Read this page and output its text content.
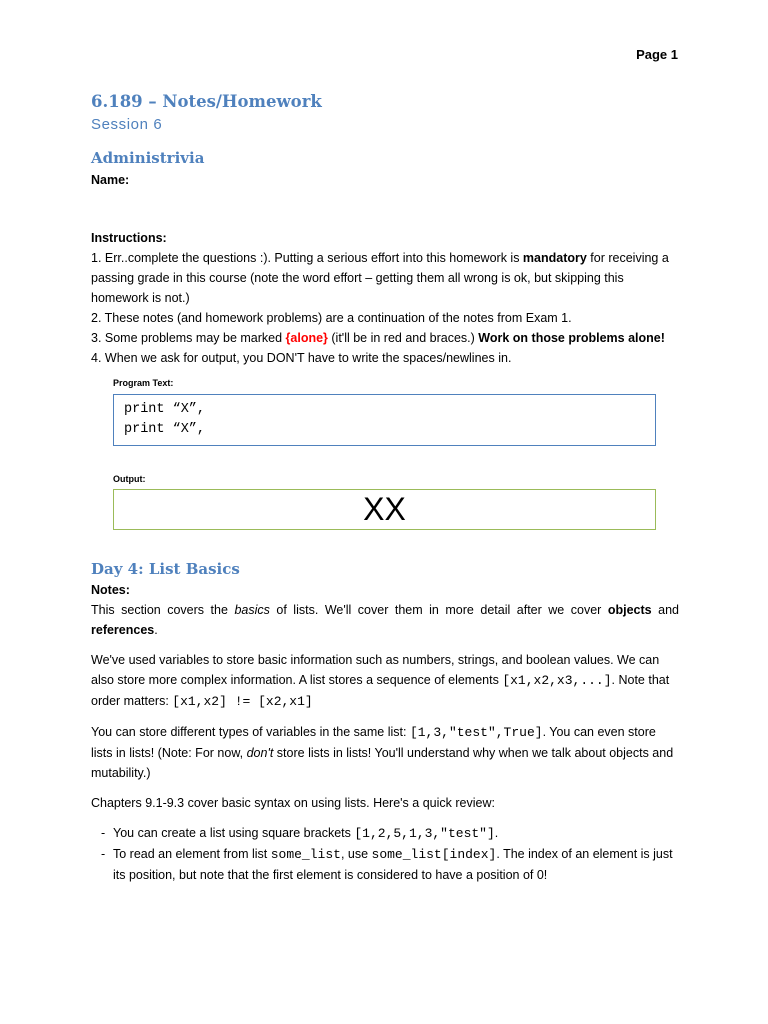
Page 1
6.189 – Notes/Homework
Session 6
Administrivia
Name:
Instructions:
1. Err..complete the questions :). Putting a serious effort into this homework is mandatory for receiving a passing grade in this course (note the word effort – getting them all wrong is ok, but skipping this homework is not.)
2. These notes (and homework problems) are a continuation of the notes from Exam 1.
3. Some problems may be marked {alone} (it'll be in red and braces.) Work on those problems alone!
4. When we ask for output, you DON'T have to write the spaces/newlines in.
Program Text:
print “X”,
print “X”,
Output:
XX
Day 4: List Basics
Notes:
This section covers the basics of lists. We'll cover them in more detail after we cover objects and references.
We've used variables to store basic information such as numbers, strings, and boolean values. We can also store more complex information. A list stores a sequence of elements [x1,x2,x3,...]. Note that order matters: [x1,x2] != [x2,x1]
You can store different types of variables in the same list: [1,3,"test",True]. You can even store lists in lists! (Note: For now, don't store lists in lists! You'll understand why when we talk about objects and mutability.)
Chapters 9.1-9.3 cover basic syntax on using lists. Here's a quick review:
- You can create a list using square brackets [1,2,5,1,3,"test"].
- To read an element from list some_list, use some_list[index]. The index of an element is just its position, but note that the first element is considered to have a position of 0!
